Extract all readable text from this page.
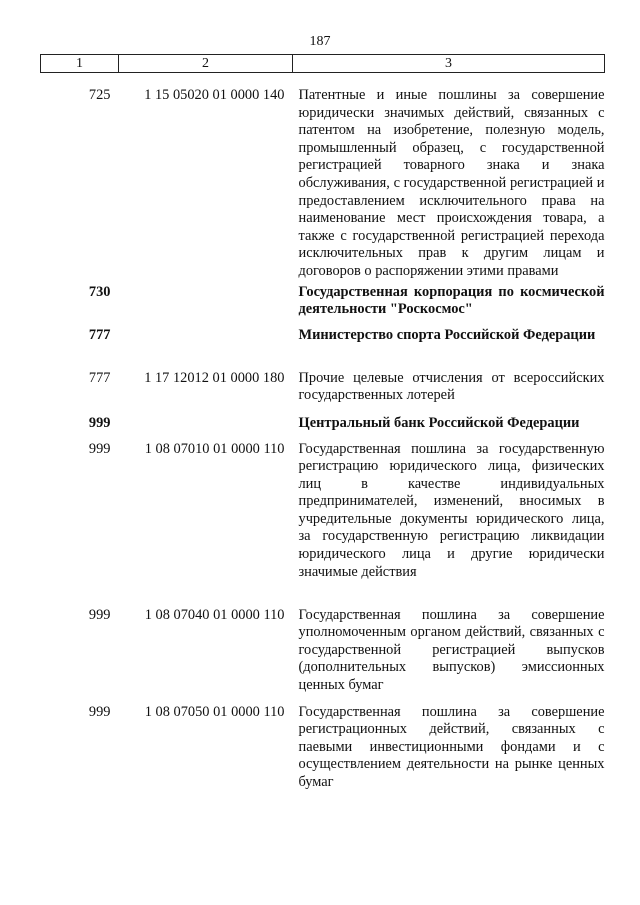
187
1	2	3
725	1 15 05020 01 0000 140	Патентные и иные пошлины за совершение юридически значимых действий, связанных с патентом на изобретение, полезную модель, промышленный образец, с государственной регистрацией товарного знака и знака обслуживания, с государственной регистрацией и предоставлением исключительного права на наименование мест происхождения товара, а также с государственной регистрацией перехода исключительных прав к другим лицам и договоров о распоряжении этими правами

730		Государственная корпорация по космической деятельности "Роскосмос"

777		Министерство спорта Российской Федерации

777	1 17 12012 01 0000 180	Прочие целевые отчисления от всероссийских государственных лотерей

999		Центральный банк Российской Федерации

999	1 08 07010 01 0000 110	Государственная пошлина за государственную регистрацию юридического лица, физических лиц в качестве индивидуальных предпринимателей, изменений, вносимых в учредительные документы юридического лица, за государственную регистрацию ликвидации юридического лица и другие юридически значимые действия

999	1 08 07040 01 0000 110	Государственная пошлина за совершение уполномоченным органом действий, связанных с государственной регистрацией выпусков (дополнительных выпусков) эмиссионных ценных бумаг

999	1 08 07050 01 0000 110	Государственная пошлина за совершение регистрационных действий, связанных с паевыми инвестиционными фондами и с осуществлением деятельности на рынке ценных бумаг
